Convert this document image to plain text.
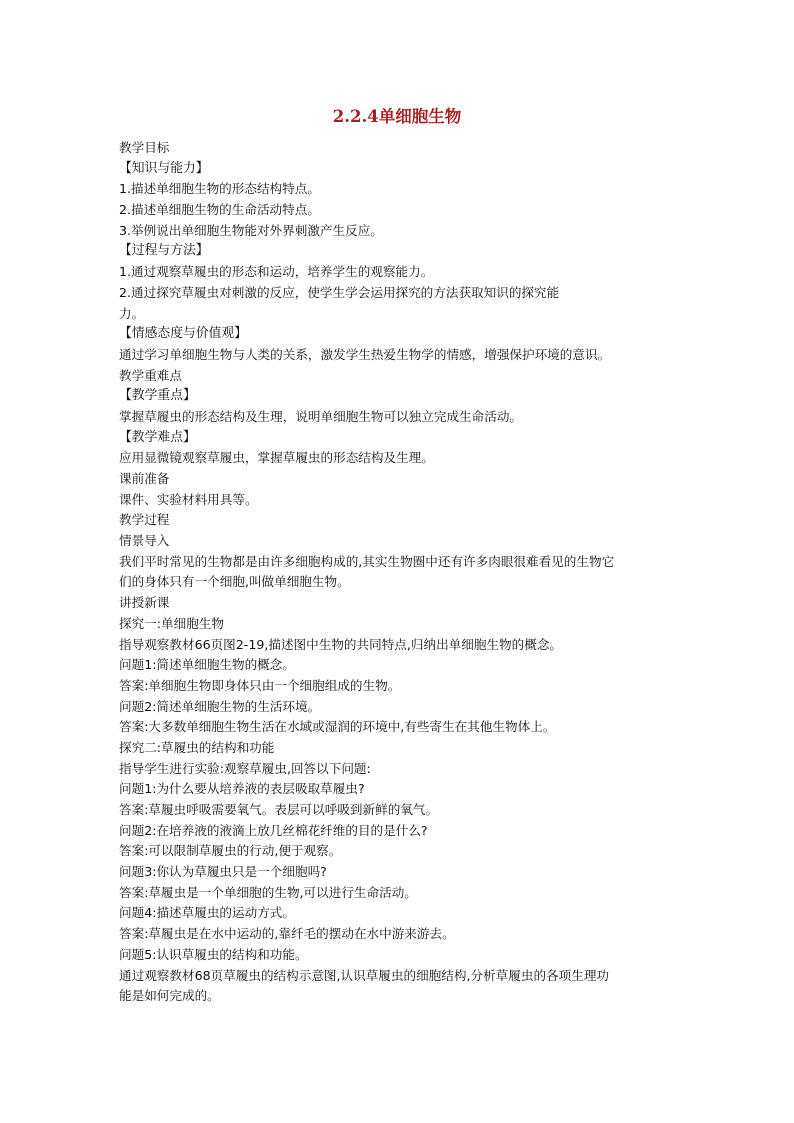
2.2.4单细胞生物

教学目标

【知识与能力】

1.描述单细胞生物的形态结构特点。

2.描述单细胞生物的生命活动特点。

3.举例说出单细胞生物能对外界刺激产生反应。

【过程与方法】

1.通过观察草履虫的形态和运动，培养学生的观察能力。

2.通过探究草履虫对刺激的反应，使学生学会运用探究的方法获取知识的探究能

力。

【情感态度与价值观】

通过学习单细胞生物与人类的关系，激发学生热爱生物学的情感，增强保护环境的意识。

教学重难点

【教学重点】

掌握草履虫的形态结构及生理，说明单细胞生物可以独立完成生命活动。

【教学难点】

应用显微镜观察草履虫，掌握草履虫的形态结构及生理。

课前准备

课件、实验材料用具等。

教学过程

情景导入

我们平时常见的生物都是由许多细胞构成的,其实生物圈中还有许多肉眼很难看见的生物它

们的身体只有一个细胞,叫做单细胞生物。

讲授新课

探究一:单细胞生物

指导观察教材66页图2-19,描述图中生物的共同特点,归纳出单细胞生物的概念。

问题1:简述单细胞生物的概念。

答案:单细胞生物即身体只由一个细胞组成的生物。

问题2:简述单细胞生物的生活环境。

答案:大多数单细胞生物生活在水域或湿润的环境中,有些寄生在其他生物体上。

探究二:草履虫的结构和功能

指导学生进行实验:观察草履虫,回答以下问题:

问题1:为什么要从培养液的表层吸取草履虫?

答案:草履虫呼吸需要氧气。表层可以呼吸到新鲜的氧气。

问题2:在培养液的液滴上放几丝棉花纤维的目的是什么?

答案:可以限制草履虫的行动,便于观察。

问题3:你认为草履虫只是一个细胞吗?

答案:草履虫是一个单细胞的生物,可以进行生命活动。

问题4:描述草履虫的运动方式。

答案:草履虫是在水中运动的,靠纤毛的摆动在水中游来游去。

问题5:认识草履虫的结构和功能。

通过观察教材68页草履虫的结构示意图,认识草履虫的细胞结构,分析草履虫的各项生理功

能是如何完成的。
